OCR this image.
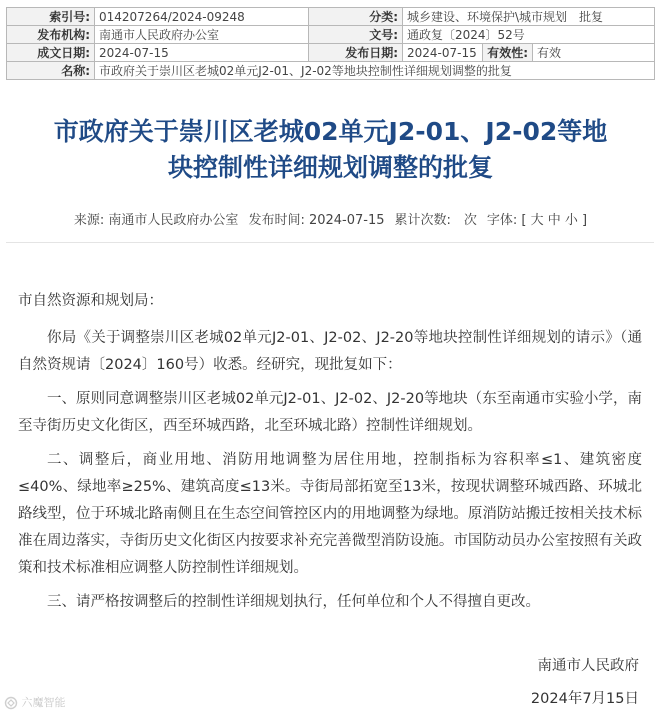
索引号:	014207264/2024-09248	分类:	城乡建设、环境保护\城市规划　批复		
发布机构:	南通市人民政府办公室	文号:	通政复〔2024〕52号		
成文日期:	2024-07-15	发布日期:	2024-07-15	有效性:	有效
名称:	市政府关于崇川区老城02单元J2-01、J2-02等地块控制性详细规划调整的批复				
市政府关于崇川区老城02单元J2-01、J2-02等地
块控制性详细规划调整的批复
来源: 南通市人民政府办公室 发布时间: 2024-07-15 累计次数:　次 字体: [ 大 中 小 ]

市自然资源和规划局：

你局《关于调整崇川区老城02单元J2-01、J2-02、J2-20等地块控制性详细规划的请示》（通自然资规请〔2024〕160号）收悉。经研究，现批复如下：

一、原则同意调整崇川区老城02单元J2-01、J2-02、J2-20等地块（东至南通市实验小学，南至寺街历史文化街区，西至环城西路，北至环城北路）控制性详细规划。

二、调整后，商业用地、消防用地调整为居住用地，控制指标为容积率≤1、建筑密度≤40%、绿地率≥25%、建筑高度≤13米。寺街局部拓宽至13米，按现状调整环城西路、环城北路线型，位于环城北路南侧且在生态空间管控区内的用地调整为绿地。原消防站搬迁按相关技术标准在周边落实，寺街历史文化街区内按要求补充完善微型消防设施。市国防动员办公室按照有关政策和技术标准相应调整人防控制性详细规划。

三、请严格按调整后的控制性详细规划执行，任何单位和个人不得擅自更改。

南通市人民政府
2024年7月15日
六魔智能
